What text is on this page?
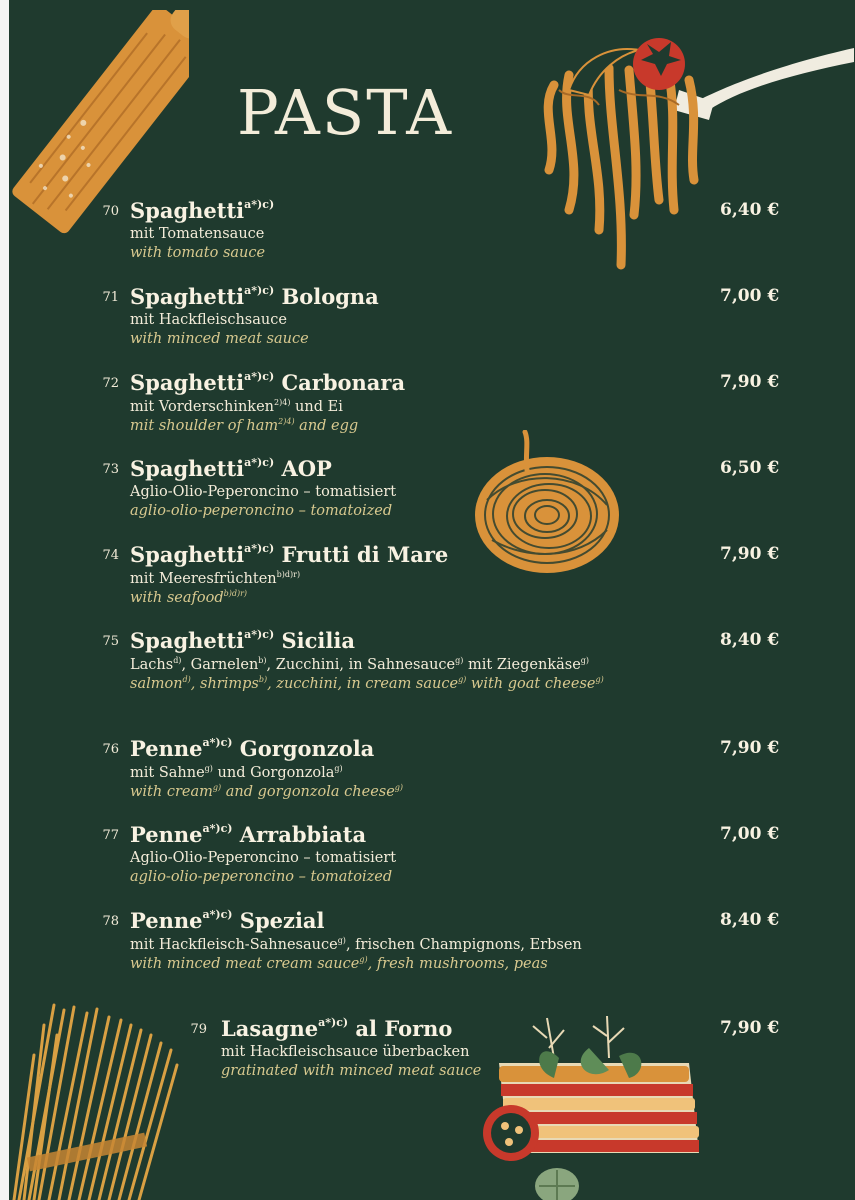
PASTA
70 Spaghetti$^{a*)c)}$
mit Tomatensauce
with tomato sauce
6,40 €
71 Spaghetti$^{a*)c)}$ Bologna
mit Hackfleischsauce
with minced meat sauce
7,00 €
72 Spaghetti$^{a*)c)}$ Carbonara
mit Vorderschinken$^{2)4)}$ und Ei
mit shoulder of ham$^{2)4)}$ and egg
7,90 €
73 Spaghetti$^{a*)c)}$ AOP
Aglio-Olio-Peperoncino – tomatisiert
aglio-olio-peperoncino – tomatoized
6,50 €
74 Spaghetti$^{a*)c)}$ Frutti di Mare
mit Meeresfrüchten$^{b)d)r)}$
with seafood$^{b)d)r)}$
7,90 €
75 Spaghetti$^{a*)c)}$ Sicilia
Lachs$^{d)}$, Garnelen$^{b)}$, Zucchini, in Sahnesauce$^{g)}$ mit Ziegenkäse$^{g)}$
salmon$^{d)}$, shrimps$^{b)}$, zucchini, in cream sauce$^{g)}$ with goat cheese$^{g)}$
8,40 €
76 Penne$^{a*)c)}$ Gorgonzola
mit Sahne$^{g)}$ und Gorgonzola$^{g)}$
with cream$^{g)}$ and gorgonzola cheese$^{g)}$
7,90 €
77 Penne$^{a*)c)}$ Arrabbiata
Aglio-Olio-Peperoncino – tomatisiert
aglio-olio-peperoncino – tomatoized
7,00 €
78 Penne$^{a*)c)}$ Spezial
mit Hackfleisch-Sahnesauce$^{g)}$, frischen Champignons, Erbsen
with minced meat cream sauce$^{g)}$, fresh mushrooms, peas
8,40 €
79 Lasagne$^{a*)c)}$ al Forno
mit Hackfleischsauce überbacken
gratinated with minced meat sauce
7,90 €
